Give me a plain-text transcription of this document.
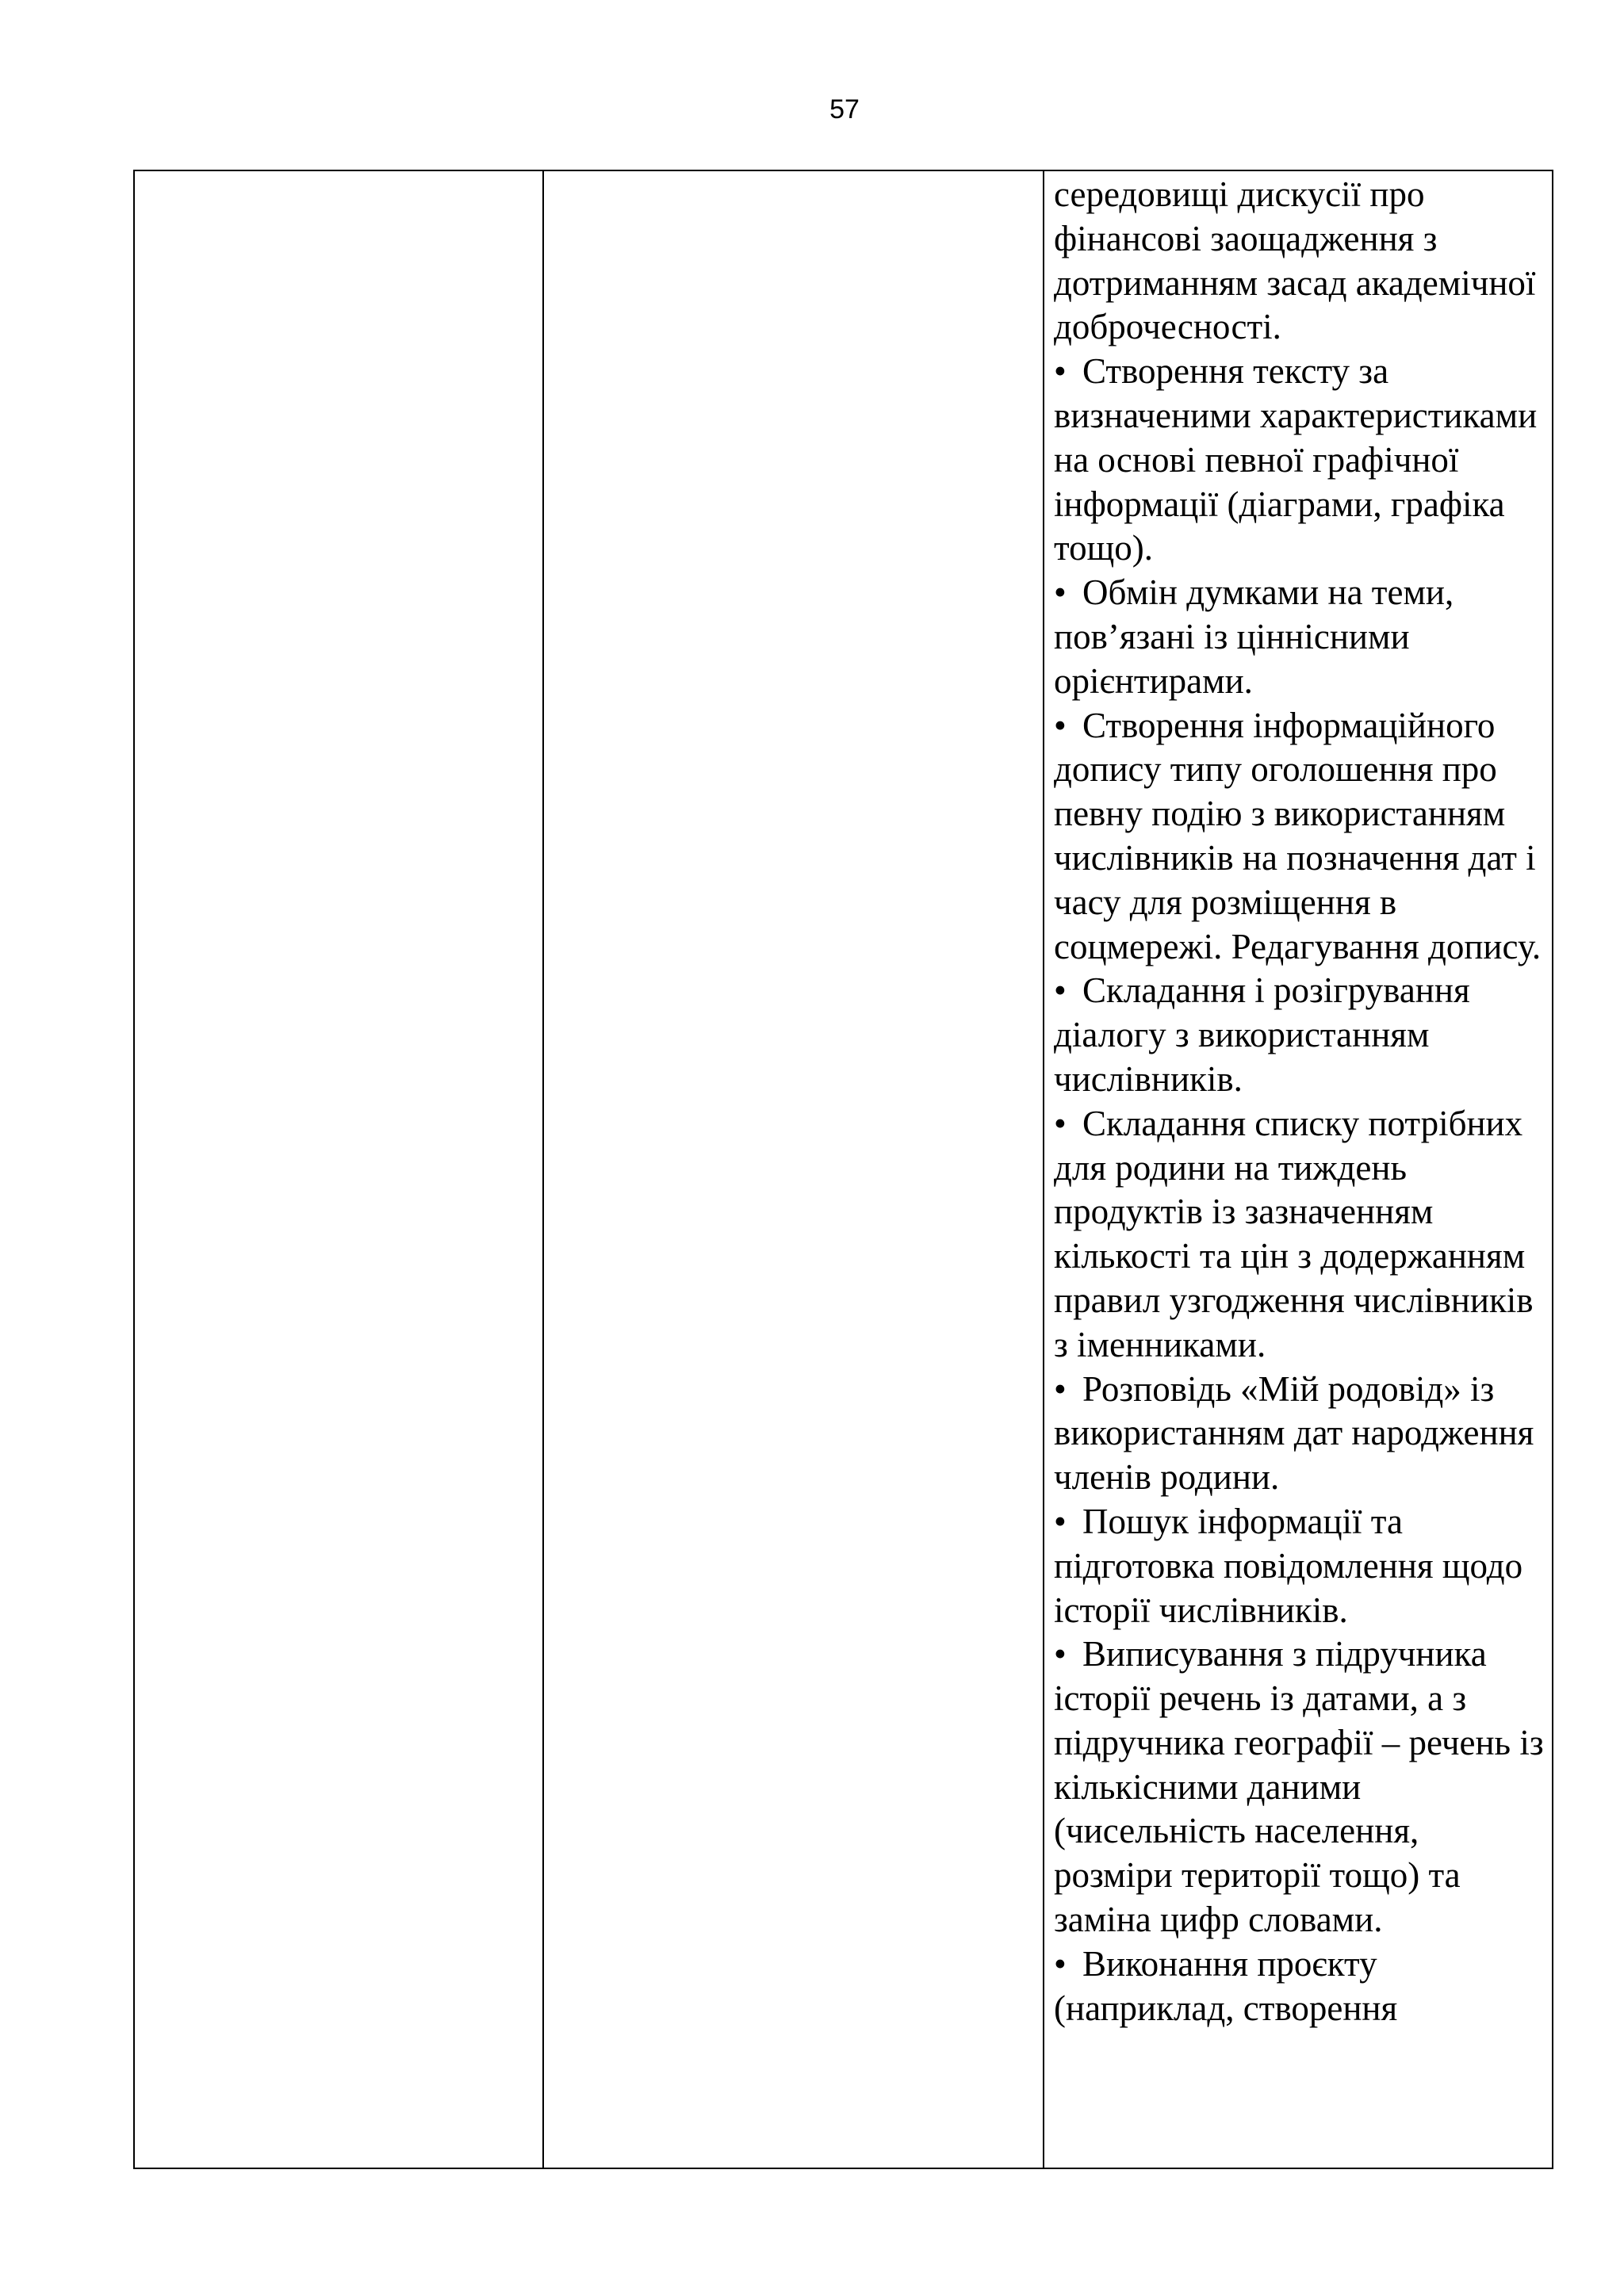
57

середовищі дискусії про фінансові заощадження з дотриманням засад академічної доброчесності.

• Створення тексту за визначеними характеристиками на основі певної графічної інформації (діаграми, графіка тощо).

• Обмін думками на теми, пов’язані із ціннісними орієнтирами.

• Створення інформаційного допису типу оголошення про певну подію з використанням числівників на позначення дат і часу для розміщення в соцмережі. Редагування допису.

• Складання і розігрування діалогу з використанням числівників.

• Складання списку потрібних для родини на тиждень продуктів із зазначенням кількості та цін з додержанням правил узгодження числівників з іменниками.

• Розповідь «Мій родовід» із використанням дат народження членів родини.

• Пошук інформації та підготовка повідомлення щодо історії числівників.

• Виписування з підручника історії речень із датами, а з підручника географії – речень із кількісними даними (чисельність населення, розміри території тощо) та заміна цифр словами.

• Виконання проєкту (наприклад, створення
